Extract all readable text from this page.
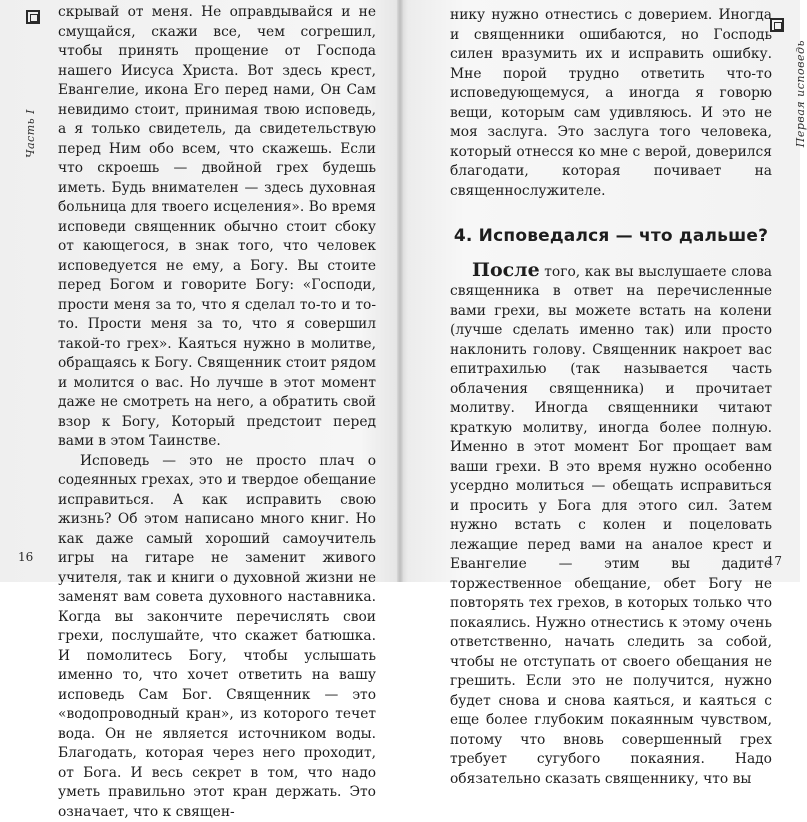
Часть I

скрывай от меня. Не оправдывайся и не смущайся, скажи все, чем согрешил, чтобы принять прощение от Господа нашего Иисуса Христа. Вот здесь крест, Евангелие, икона Его перед нами, Он Сам невидимо стоит, принимая твою исповедь, а я только свидетель, да свидетельствую перед Ним обо всем, что скажешь. Если что скроешь — двойной грех будешь иметь. Будь внимателен — здесь духовная больница для твоего исцеления». Во время исповеди священник обычно стоит сбоку от кающегося, в знак того, что человек исповедуется не ему, а Богу. Вы стоите перед Богом и говорите Богу: «Господи, прости меня за то, что я сделал то-то и то-то. Прости меня за то, что я совершил такой-то грех». Каяться нужно в молитве, обращаясь к Богу. Священник стоит рядом и молится о вас. Но лучше в этот момент даже не смотреть на него, а обратить свой взор к Богу, Который предстоит перед вами в этом Таинстве.

Исповедь — это не просто плач о содеянных грехах, это и твердое обещание исправиться. А как исправить свою жизнь? Об этом написано много книг. Но как даже самый хороший самоучитель игры на гитаре не заменит живого учителя, так и книги о духовной жизни не заменят вам совета духовного наставника. Когда вы закончите перечислять свои грехи, послушайте, что скажет батюшка. И помолитесь Богу, чтобы услышать именно то, что хочет ответить на вашу исповедь Сам Бог. Священник — это «водопроводный кран», из которого течет вода. Он не является источником воды. Благодать, которая через него проходит, от Бога. И весь секрет в том, что надо уметь правильно этот кран держать. Это означает, что к священ-

16
Первая исповедь

нику нужно отнестись с доверием. Иногда и священники ошибаются, но Господь силен вразумить их и исправить ошибку. Мне порой трудно ответить что-то исповедующемуся, а иногда я говорю вещи, которым сам удивляюсь. И это не моя заслуга. Это заслуга того человека, который отнесся ко мне с верой, доверился благодати, которая почивает на священнослужителе.

4. Исповедался — что дальше?

После того, как вы выслушаете слова священника в ответ на перечисленные вами грехи, вы можете встать на колени (лучше сделать именно так) или просто наклонить голову. Священник накроет вас епитрахилью (так называется часть облачения священника) и прочитает молитву. Иногда священники читают краткую молитву, иногда более полную. Именно в этот момент Бог прощает вам ваши грехи. В это время нужно особенно усердно молиться — обещать исправиться и просить у Бога для этого сил. Затем нужно встать с колен и поцеловать лежащие перед вами на аналое крест и Евангелие — этим вы дадите торжественное обещание, обет Богу не повторять тех грехов, в которых только что покаялись. Нужно отнестись к этому очень ответственно, начать следить за собой, чтобы не отступать от своего обещания не грешить. Если это не получится, нужно будет снова и снова каяться, и каяться с еще более глубоким покаянным чувством, потому что вновь совершенный грех требует сугубого покаяния. Надо обязательно сказать священнику, что вы

17
